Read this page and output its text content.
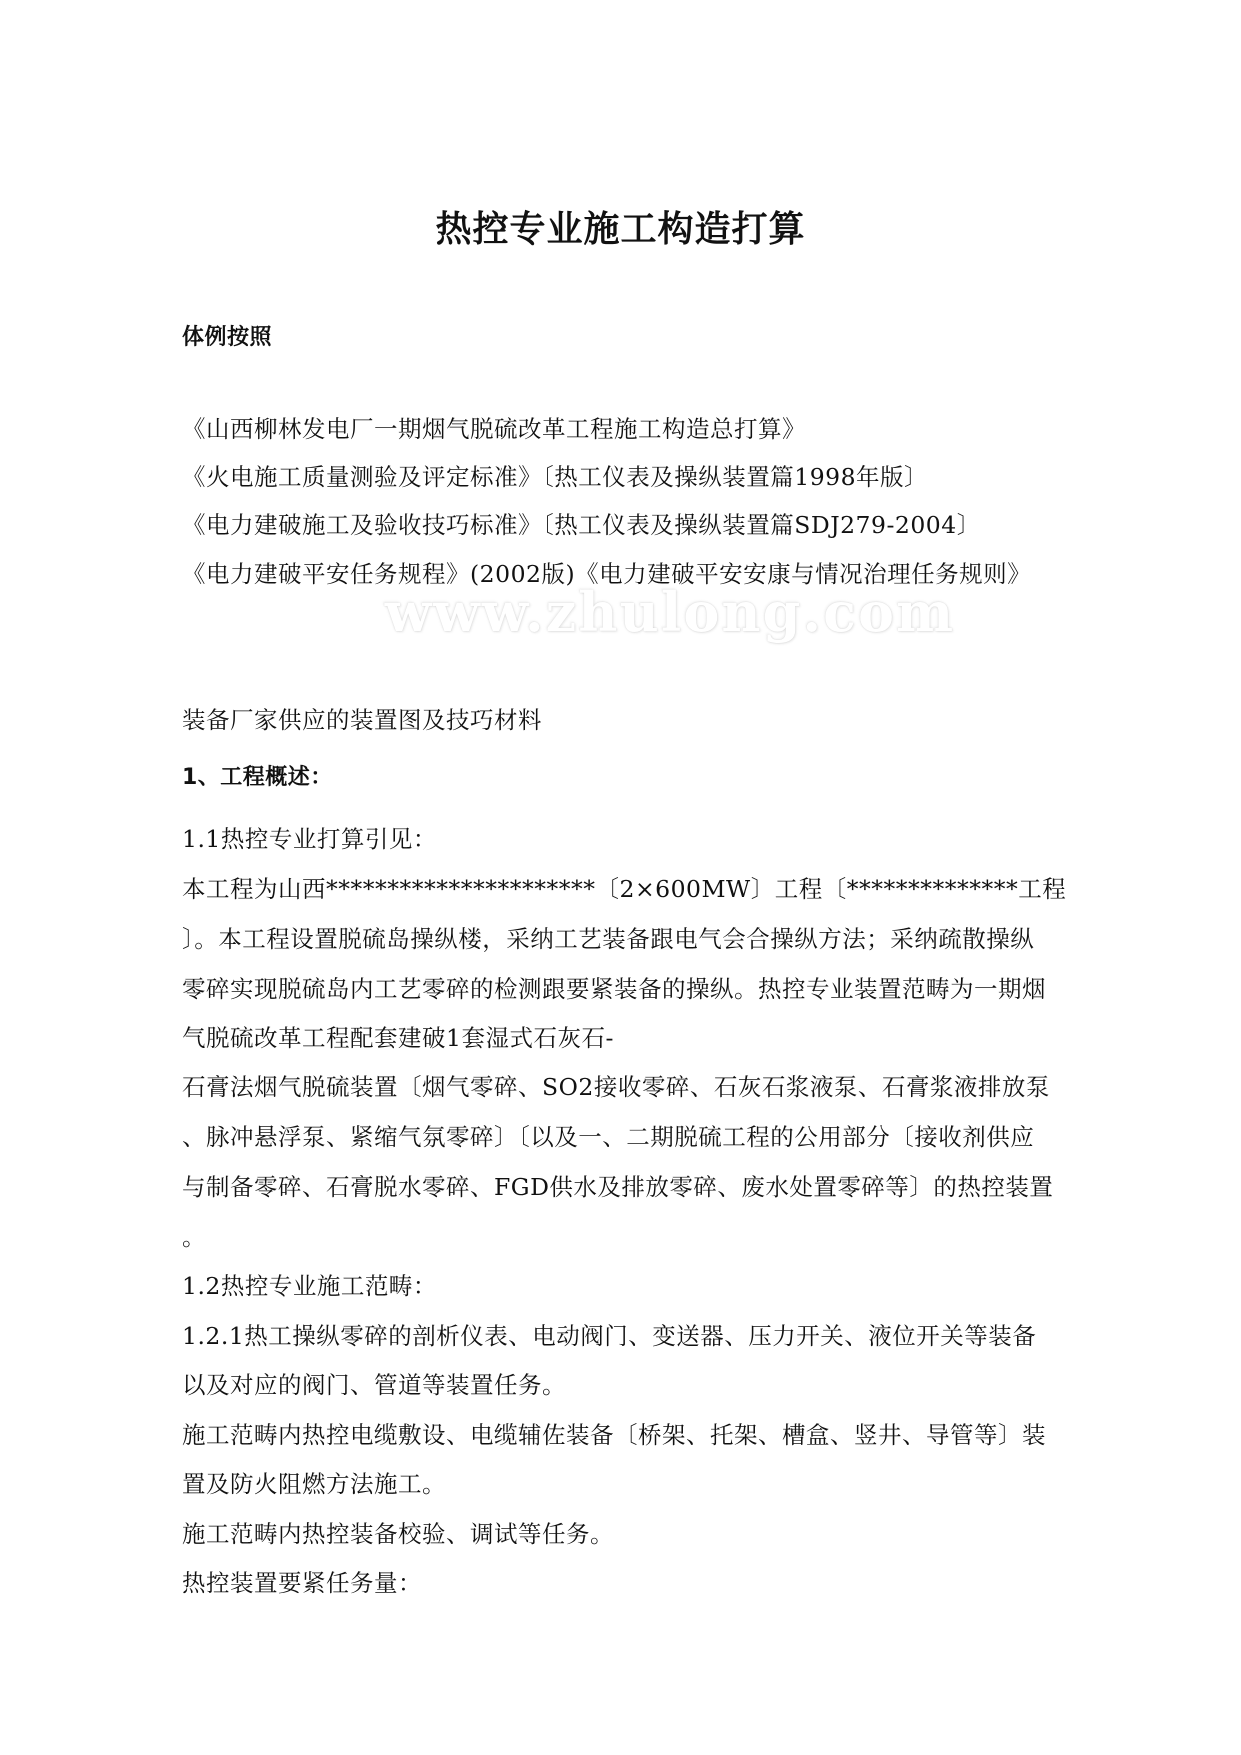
热控专业施工构造打算
体例按照
《山西柳林发电厂一期烟气脱硫改革工程施工构造总打算》
《火电施工质量测验及评定标准》〔热工仪表及操纵装置篇1998年版〕
《电力建破施工及验收技巧标准》〔热工仪表及操纵装置篇SDJ279-2004〕
《电力建破平安任务规程》(2002版)《电力建破平安安康与情况治理任务规则》
www.zhulong.com
装备厂家供应的装置图及技巧材料
1、工程概述：
1.1热控专业打算引见：
本工程为山西**********************〔2×600MW〕工程〔**************工程
〕。本工程设置脱硫岛操纵楼，采纳工艺装备跟电气会合操纵方法；采纳疏散操纵
零碎实现脱硫岛内工艺零碎的检测跟要紧装备的操纵。热控专业装置范畴为一期烟
气脱硫改革工程配套建破1套湿式石灰石-
石膏法烟气脱硫装置〔烟气零碎、SO2接收零碎、石灰石浆液泵、石膏浆液排放泵
、脉冲悬浮泵、紧缩气氛零碎〕〔以及一、二期脱硫工程的公用部分〔接收剂供应
与制备零碎、石膏脱水零碎、FGD供水及排放零碎、废水处置零碎等〕的热控装置
。
1.2热控专业施工范畴：
1.2.1热工操纵零碎的剖析仪表、电动阀门、变送器、压力开关、液位开关等装备
以及对应的阀门、管道等装置任务。
施工范畴内热控电缆敷设、电缆辅佐装备〔桥架、托架、槽盒、竖井、导管等〕装
置及防火阻燃方法施工。
施工范畴内热控装备校验、调试等任务。
热控装置要紧任务量：
